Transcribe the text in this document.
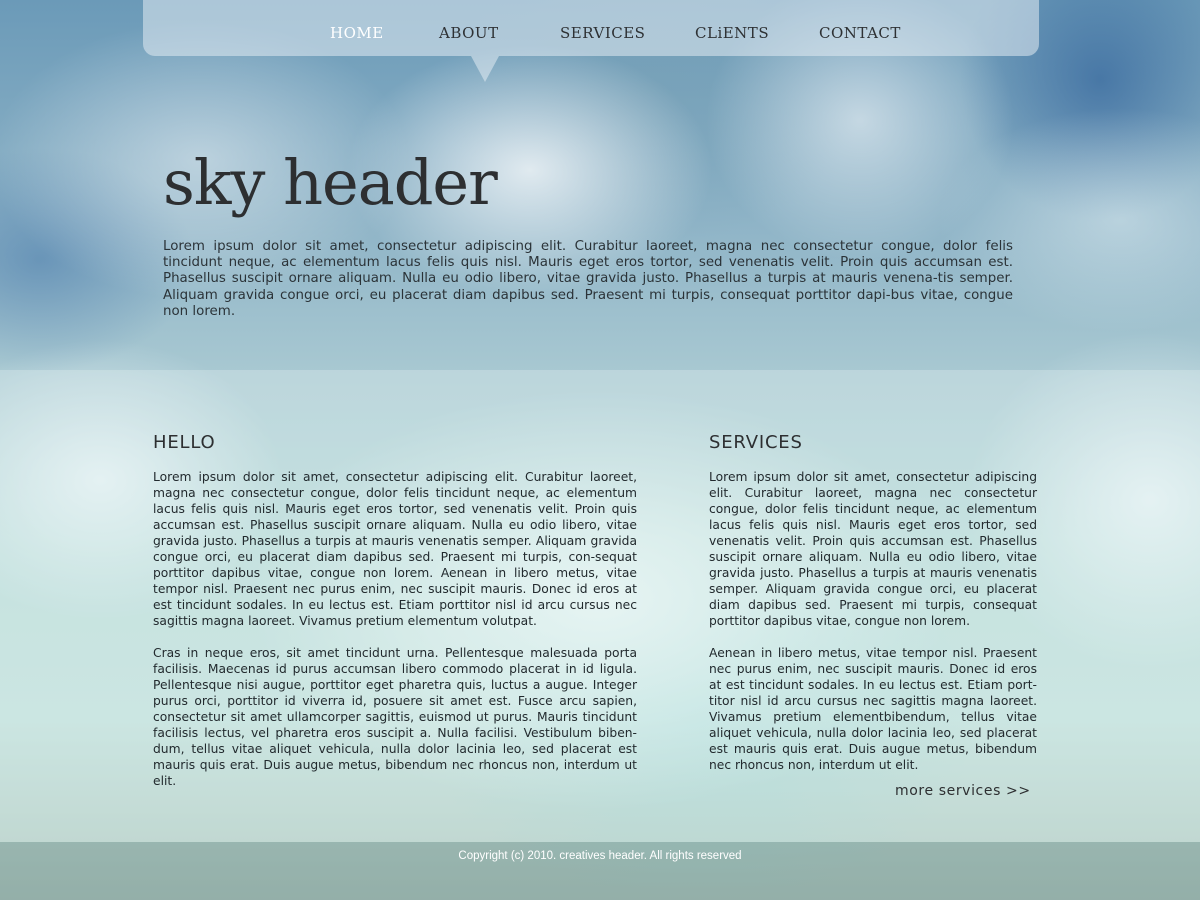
HOME	ABOUT	SERVICES	CLiENTS	CONTACT
sky header

Lorem ipsum dolor sit amet, consectetur adipiscing elit. Curabitur laoreet, magna nec consectetur congue, dolor felis tincidunt neque, ac elementum lacus felis quis nisl. Mauris eget eros tortor, sed venenatis velit. Proin quis accumsan est. Phasellus suscipit ornare aliquam. Nulla eu odio libero, vitae gravida justo. Phasellus a turpis at mauris venena-tis semper. Aliquam gravida congue orci, eu placerat diam dapibus sed. Praesent mi turpis, consequat porttitor dapi-bus vitae, congue non lorem.

HELLO

Lorem ipsum dolor sit amet, consectetur adipiscing elit. Curabitur laoreet, magna nec consectetur congue, dolor felis tincidunt neque, ac elementum lacus felis quis nisl. Mauris eget eros tortor, sed venenatis velit. Proin quis accumsan est. Phasellus suscipit ornare aliquam. Nulla eu odio libero, vitae gravida justo. Phasellus a turpis at mauris venenatis semper. Aliquam gravida congue orci, eu placerat diam dapibus sed. Praesent mi turpis, con-sequat porttitor dapibus vitae, congue non lorem. Aenean in libero metus, vitae tempor nisl. Praesent nec purus enim, nec suscipit mauris. Donec id eros at est tincidunt sodales. In eu lectus est. Etiam porttitor nisl id arcu cursus nec sagittis magna laoreet. Vivamus pretium elementum volutpat.

Cras in neque eros, sit amet tincidunt urna. Pellentesque malesuada porta facilisis. Maecenas id purus accumsan libero commodo placerat in id ligula. Pellentesque nisi augue, porttitor eget pharetra quis, luctus a augue. Integer purus orci, porttitor id viverra id, posuere sit amet est. Fusce arcu sapien, consectetur sit amet ullamcorper sagittis, euismod ut purus. Mauris tincidunt facilisis lectus, vel pharetra eros suscipit a. Nulla facilisi. Vestibulum biben-dum, tellus vitae aliquet vehicula, nulla dolor lacinia leo, sed placerat est mauris quis erat. Duis augue metus, bibendum nec rhoncus non, interdum ut elit.

SERVICES

Lorem ipsum dolor sit amet, consectetur adipiscing elit. Curabitur laoreet, magna nec consectetur congue, dolor felis tincidunt neque, ac elementum lacus felis quis nisl. Mauris eget eros tortor, sed venenatis velit. Proin quis accumsan est. Phasellus suscipit ornare aliquam. Nulla eu odio libero, vitae gravida justo. Phasellus a turpis at mauris venenatis semper. Aliquam gravida congue orci, eu placerat diam dapibus sed. Praesent mi turpis, consequat porttitor dapibus vitae, congue non lorem.

Aenean in libero metus, vitae tempor nisl. Praesent nec purus enim, nec suscipit mauris. Donec id eros at est tincidunt sodales. In eu lectus est. Etiam port-titor nisl id arcu cursus nec sagittis magna laoreet. Vivamus pretium elementbibendum, tellus vitae aliquet vehicula, nulla dolor lacinia leo, sed placerat est mauris quis erat. Duis augue metus, bibendum nec rhoncus non, interdum ut elit.

more services >>
Copyright (c) 2010. creatives header. All rights reserved
